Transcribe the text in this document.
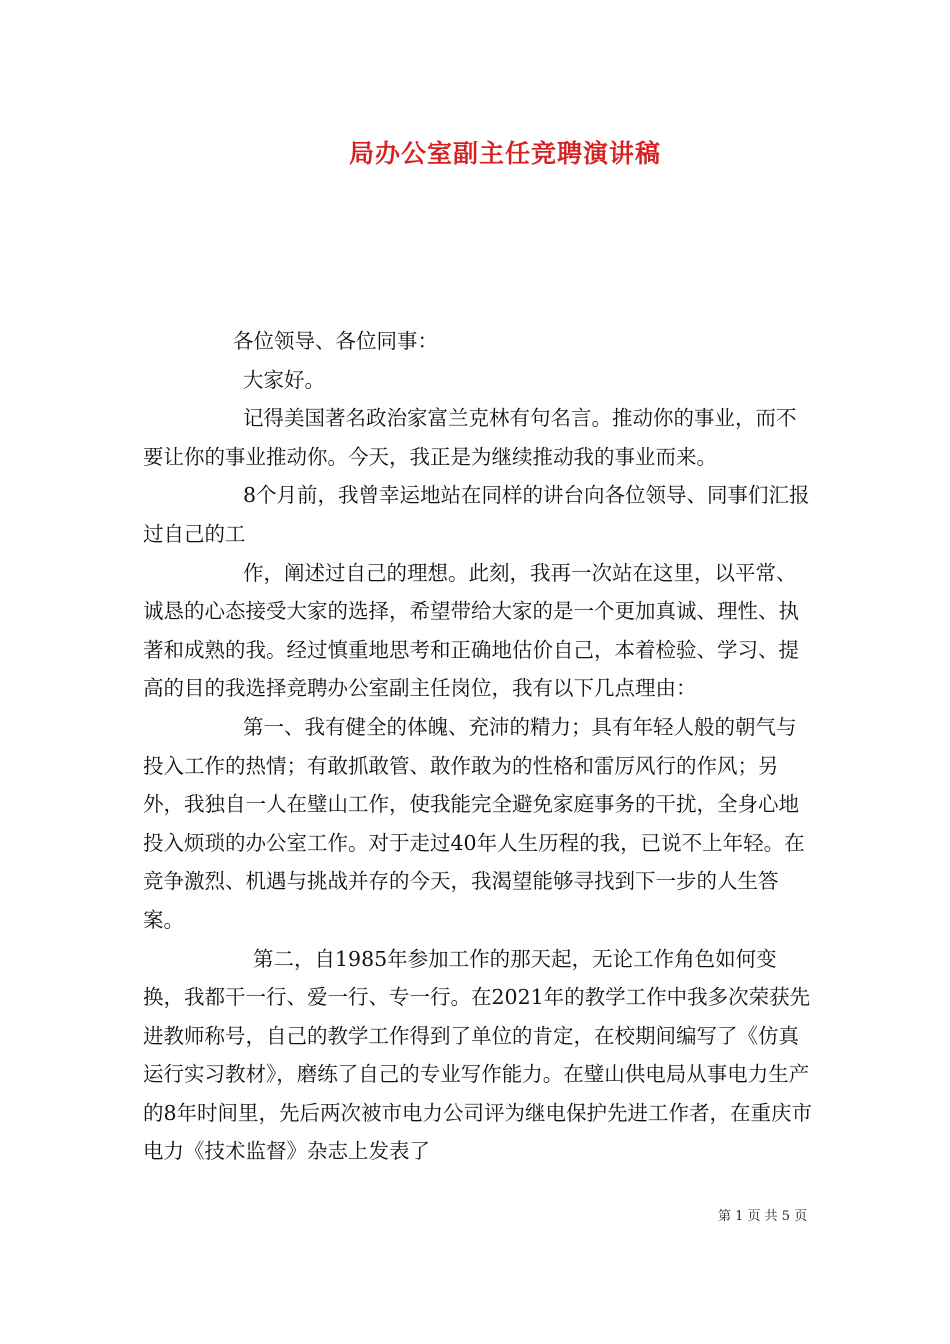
局办公室副主任竞聘演讲稿

各位领导、各位同事：

大家好。

记得美国著名政治家富兰克林有句名言。推动你的事业，而不要让你的事业推动你。今天，我正是为继续推动我的事业而来。

8个月前，我曾幸运地站在同样的讲台向各位领导、同事们汇报过自己的工

作，阐述过自己的理想。此刻，我再一次站在这里，以平常、诚恳的心态接受大家的选择，希望带给大家的是一个更加真诚、理性、执著和成熟的我。经过慎重地思考和正确地估价自己，本着检验、学习、提高的目的我选择竞聘办公室副主任岗位，我有以下几点理由：

第一、我有健全的体魄、充沛的精力；具有年轻人般的朝气与投入工作的热情；有敢抓敢管、敢作敢为的性格和雷厉风行的作风；另外，我独自一人在璧山工作，使我能完全避免家庭事务的干扰，全身心地投入烦琐的办公室工作。对于走过40年人生历程的我，已说不上年轻。在竞争激烈、机遇与挑战并存的今天，我渴望能够寻找到下一步的人生答案。

第二，自1985年参加工作的那天起，无论工作角色如何变换，我都干一行、爱一行、专一行。在2021年的教学工作中我多次荣获先进教师称号，自己的教学工作得到了单位的肯定，在校期间编写了《仿真运行实习教材》，磨练了自己的专业写作能力。在璧山供电局从事电力生产的8年时间里，先后两次被市电力公司评为继电保护先进工作者，在重庆市电力《技术监督》杂志上发表了

第 1 页 共 5 页
